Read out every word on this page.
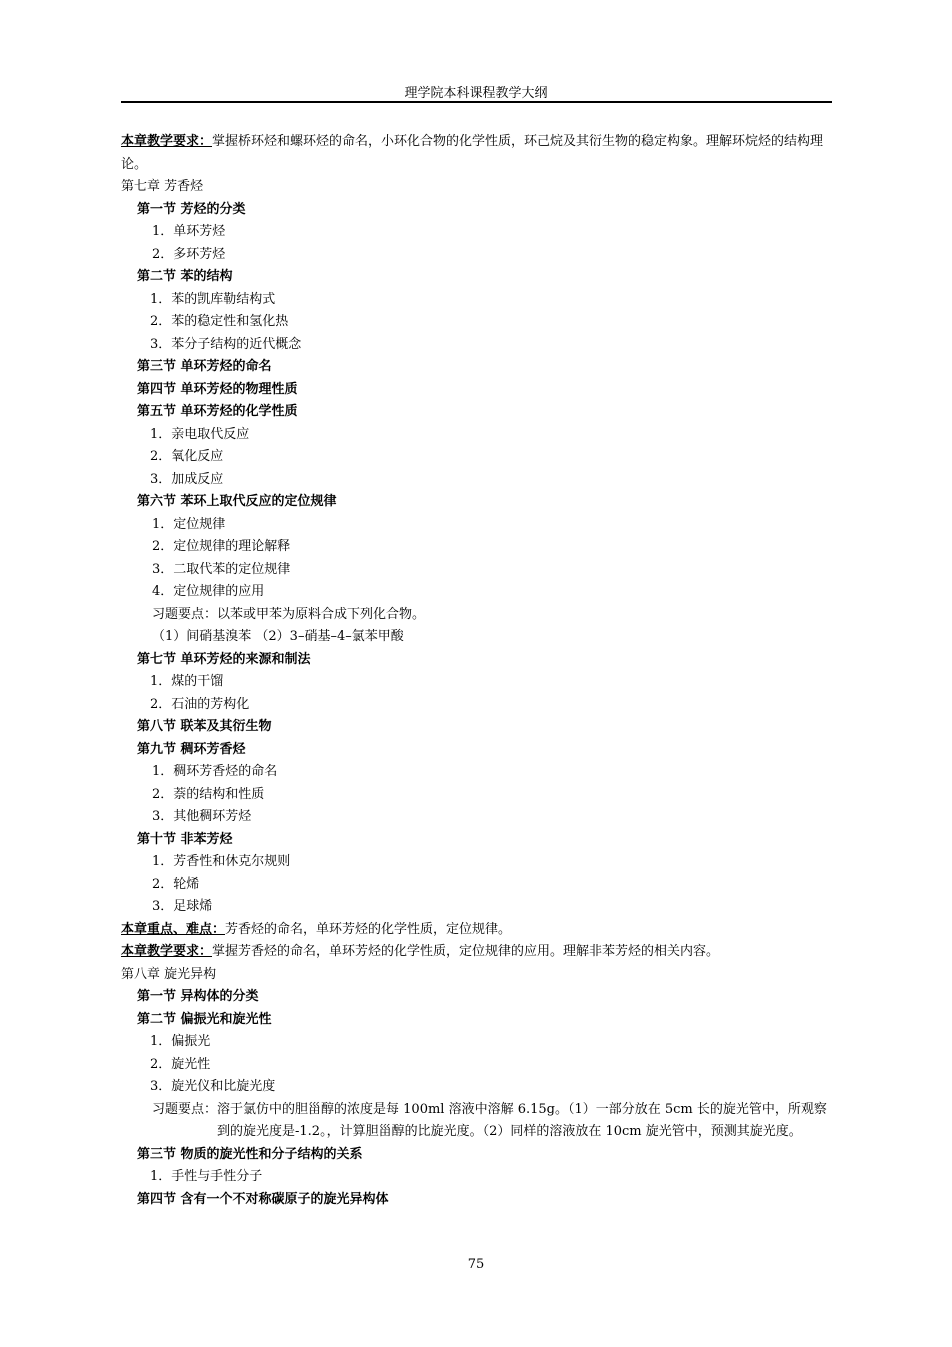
理学院本科课程教学大纲
本章教学要求：掌握桥环烃和螺环烃的命名，小环化合物的化学性质，环己烷及其衍生物的稳定构象。理解环烷烃的结构理论。
第七章 芳香烃
第一节 芳烃的分类
1．单环芳烃
2．多环芳烃
第二节 苯的结构
1．苯的凯库勒结构式
2．苯的稳定性和氢化热
3．苯分子结构的近代概念
第三节 单环芳烃的命名
第四节 单环芳烃的物理性质
第五节 单环芳烃的化学性质
1．亲电取代反应
2．氧化反应
3．加成反应
第六节 苯环上取代反应的定位规律
1．定位规律
2．定位规律的理论解释
3．二取代苯的定位规律
4．定位规律的应用
习题要点：以苯或甲苯为原料合成下列化合物。
（1）间硝基溴苯 （2）3–硝基–4–氯苯甲酸
第七节 单环芳烃的来源和制法
1．煤的干馏
2．石油的芳构化
第八节 联苯及其衍生物
第九节 稠环芳香烃
1．稠环芳香烃的命名
2．萘的结构和性质
3．其他稠环芳烃
第十节 非苯芳烃
1．芳香性和休克尔规则
2．轮烯
3．足球烯
本章重点、难点：芳香烃的命名，单环芳烃的化学性质，定位规律。
本章教学要求：掌握芳香烃的命名，单环芳烃的化学性质，定位规律的应用。理解非苯芳烃的相关内容。
第八章 旋光异构
第一节 异构体的分类
第二节 偏振光和旋光性
1．偏振光
2．旋光性
3．旋光仪和比旋光度
习题要点： 溶于氯仿中的胆甾醇的浓度是每 100ml 溶液中溶解 6.15g。（1）一部分放在 5cm 长的旋光管中，所观察到的旋光度是-1.2。，计算胆甾醇的比旋光度。（2）同样的溶液放在 10cm 旋光管中，预测其旋光度。
第三节 物质的旋光性和分子结构的关系
1．手性与手性分子
第四节 含有一个不对称碳原子的旋光异构体
75
